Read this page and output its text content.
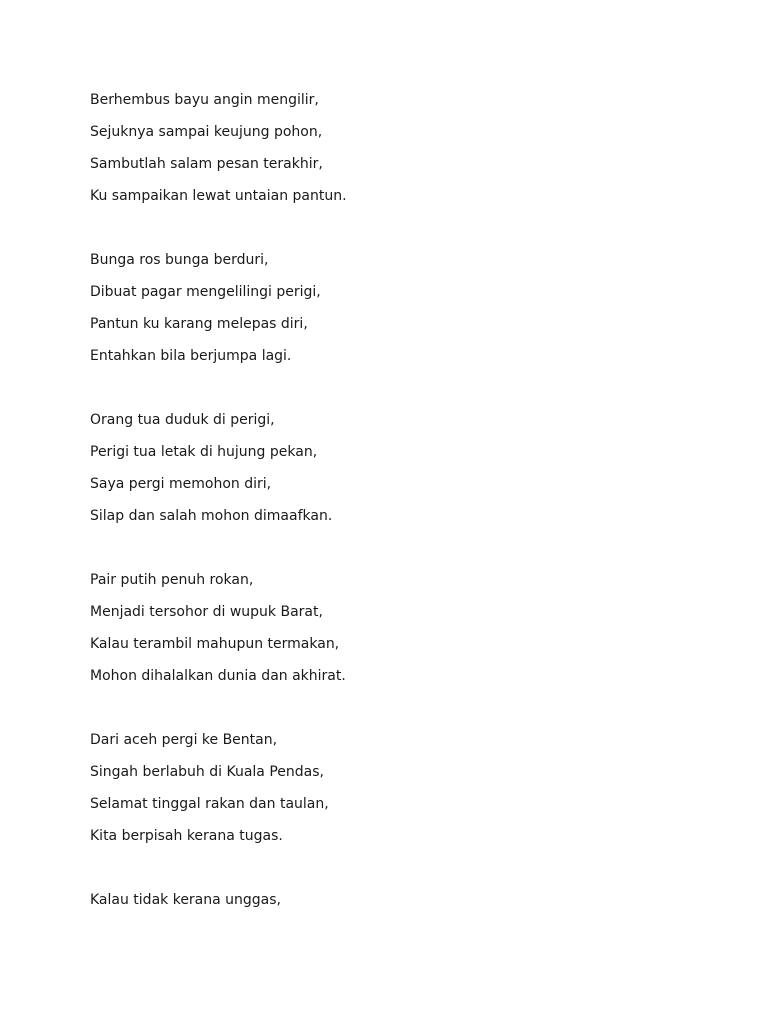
Berhembus bayu angin mengilir,
Sejuknya sampai keujung pohon,
Sambutlah salam pesan terakhir,
Ku sampaikan lewat untaian pantun.
Bunga ros bunga berduri,
Dibuat pagar mengelilingi perigi,
Pantun ku karang melepas diri,
Entahkan bila berjumpa lagi.
Orang tua duduk di perigi,
Perigi tua letak di hujung pekan,
Saya pergi memohon diri,
Silap dan salah mohon dimaafkan.
Pair putih penuh rokan,
Menjadi tersohor di wupuk Barat,
Kalau terambil mahupun termakan,
Mohon dihalalkan dunia dan akhirat.
Dari aceh pergi ke Bentan,
Singah berlabuh di Kuala Pendas,
Selamat tinggal rakan dan taulan,
Kita berpisah kerana tugas.
Kalau tidak kerana unggas,
